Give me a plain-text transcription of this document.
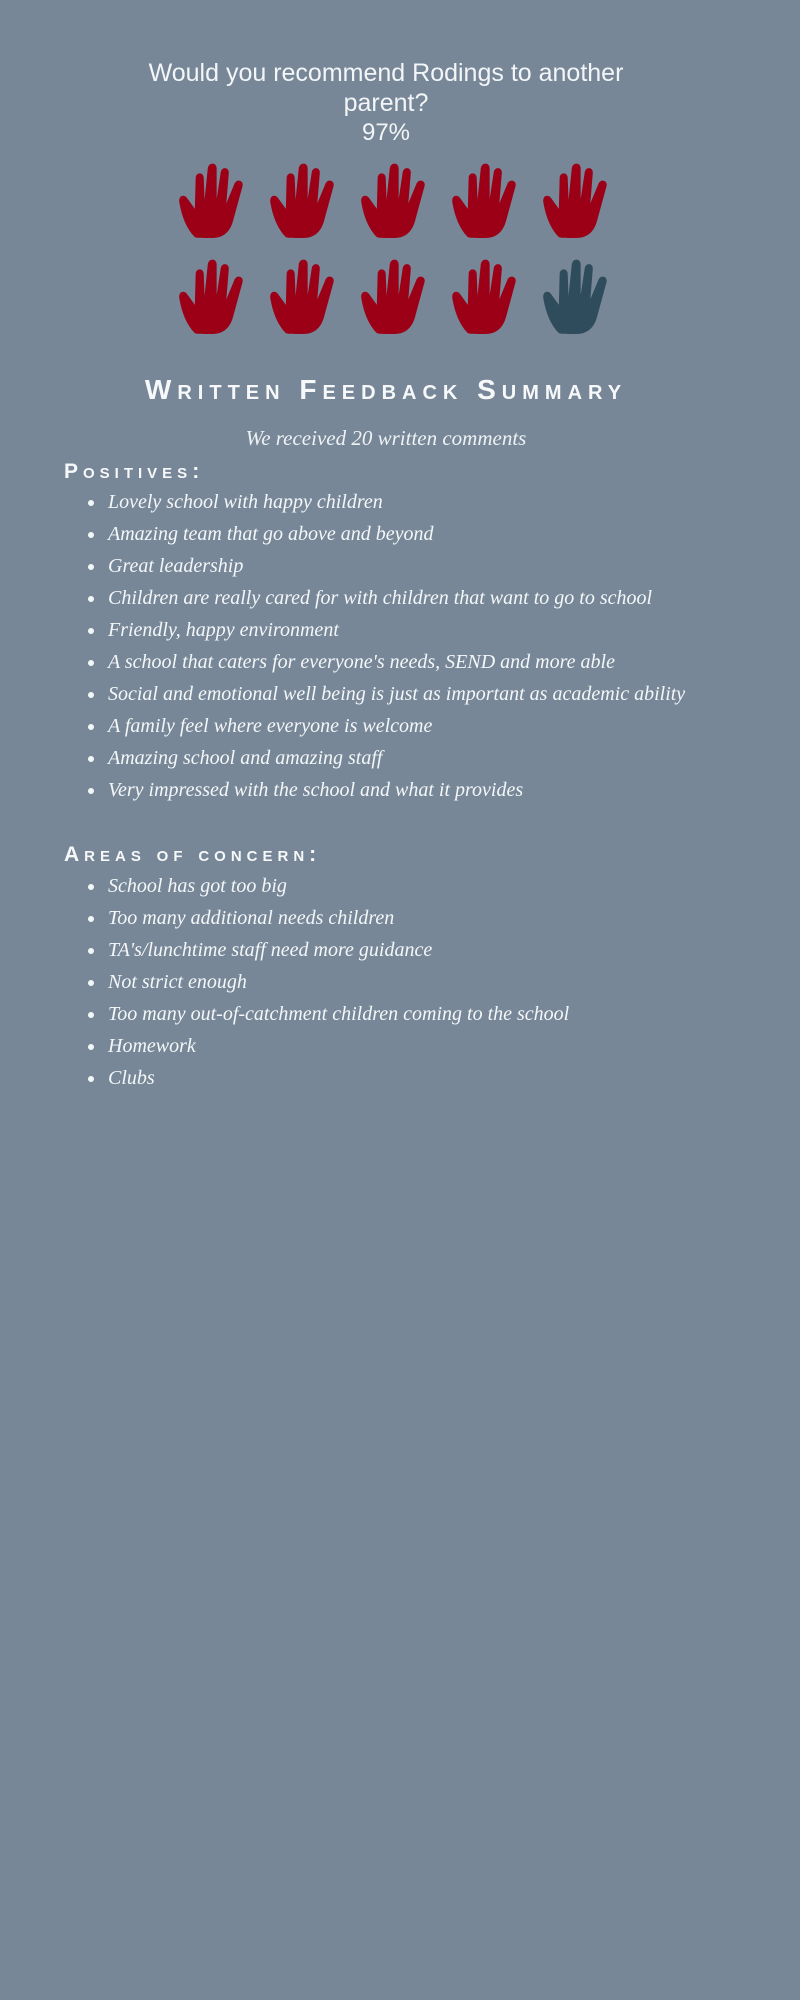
Would you recommend Rodings to another parent?
97%
Written Feedback Summary
We received 20 written comments
Positives:
• Lovely school with happy children
• Amazing team that go above and beyond
• Great leadership
• Children are really cared for with children that want to go to school
• Friendly, happy environment
• A school that caters for everyone's needs, SEND and more able
• Social and emotional well being is just as important as academic ability
• A family feel where everyone is welcome
• Amazing school and amazing staff
• Very impressed with the school and what it provides
Areas of concern:
• School has got too big
• Too many additional needs children
• TA's/lunchtime staff need more guidance
• Not strict enough
• Too many out-of-catchment children coming to the school
• Homework
• Clubs
